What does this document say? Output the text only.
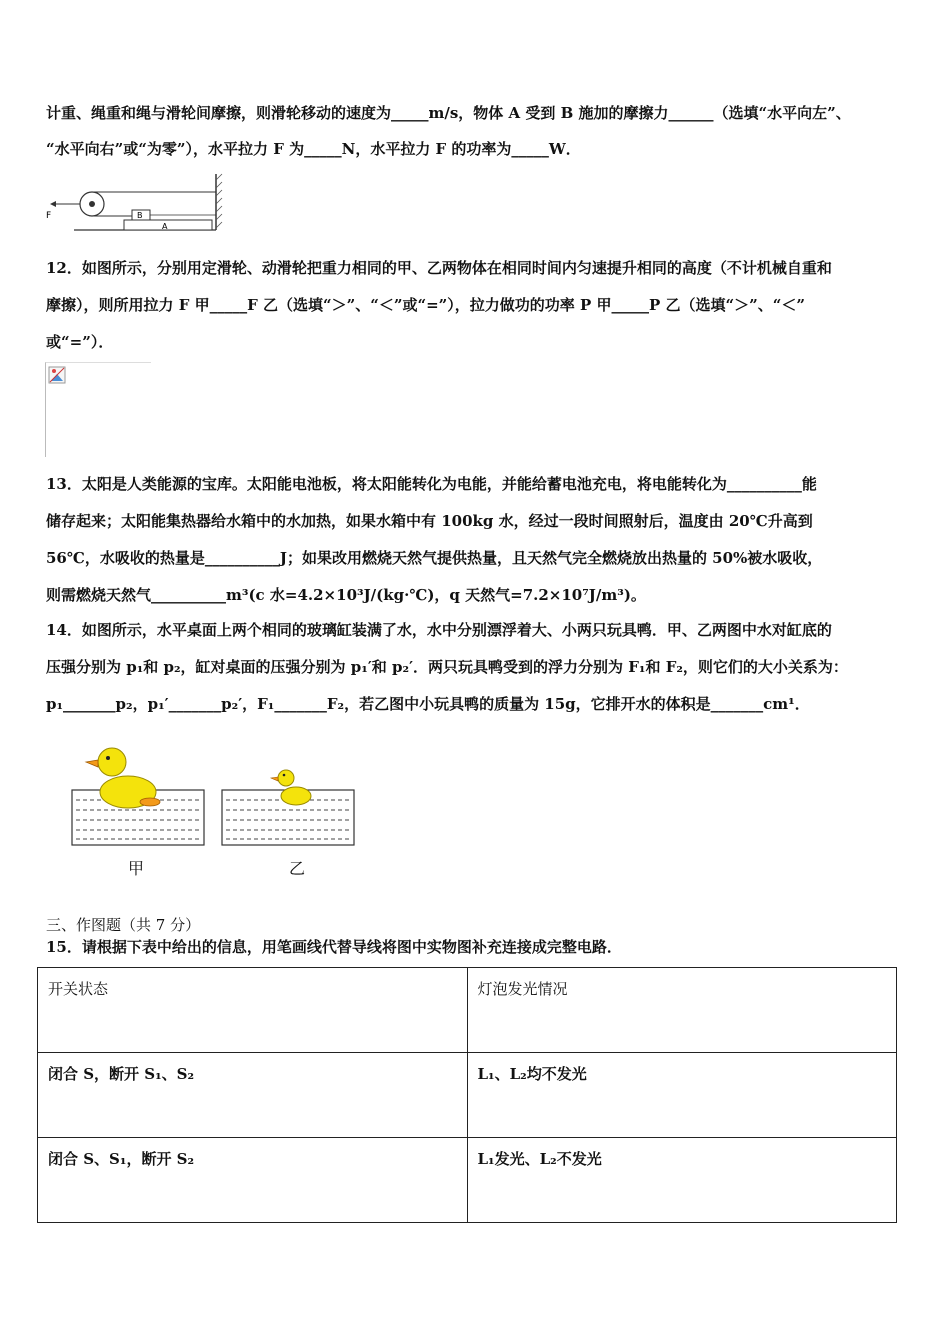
计重、绳重和绳与滑轮间摩擦，则滑轮移动的速度为_____m/s，物体 A 受到 B 施加的摩擦力______（选填“水平向左”、
“水平向右”或“为零”），水平拉力 F 为_____N，水平拉力 F 的功率为_____W．
F	B
A
12．如图所示，分别用定滑轮、动滑轮把重力相同的甲、乙两物体在相同时间内匀速提升相同的高度（不计机械自重和
摩擦），则所用拉力 F 甲_____F 乙（选填“＞”、“＜”或“=”），拉力做功的功率 P 甲_____P 乙（选填“＞”、“＜”
或“=”）．
13．太阳是人类能源的宝库。太阳能电池板，将太阳能转化为电能，并能给蓄电池充电，将电能转化为__________能
储存起来；太阳能集热器给水箱中的水加热，如果水箱中有 100kg 水，经过一段时间照射后，温度由 20℃升高到
56℃，水吸收的热量是__________J；如果改用燃烧天然气提供热量，且天然气完全燃烧放出热量的 50%被水吸收，
则需燃烧天然气__________m³(c 水=4.2×10³J/(kg·℃)，q 天然气=7.2×10⁷J/m³)。
14．如图所示，水平桌面上两个相同的玻璃缸装满了水，水中分别漂浮着大、小两只玩具鸭．甲、乙两图中水对缸底的
压强分别为 p₁和 p₂，缸对桌面的压强分别为 p₁′和 p₂′．两只玩具鸭受到的浮力分别为 F₁和 F₂，则它们的大小关系为：
p₁_______p₂，p₁′_______p₂′，F₁_______F₂，若乙图中小玩具鸭的质量为 15g，它排开水的体积是_______cm¹．
甲	乙
三、作图题（共 7 分）
15．请根据下表中给出的信息，用笔画线代替导线将图中实物图补充连接成完整电路．
开关状态	灯泡发光情况
闭合 S，断开 S₁、S₂	L₁、L₂均不发光
闭合 S、S₁，断开 S₂	L₁发光、L₂不发光
